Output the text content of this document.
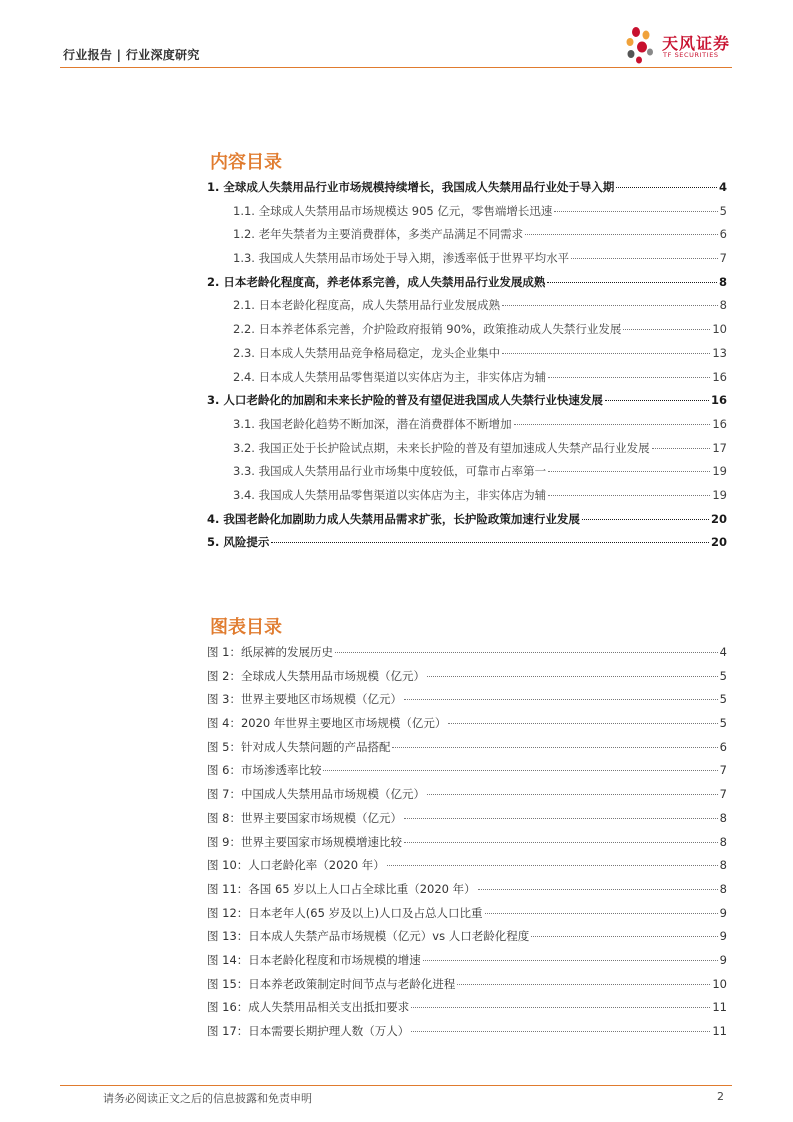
行业报告 | 行业深度研究
天风证券
TF SECURITIES
内容目录
1. 全球成人失禁用品行业市场规模持续增长，我国成人失禁用品行业处于导入期	4
1.1. 全球成人失禁用品市场规模达 905 亿元，零售端增长迅速	5
1.2. 老年失禁者为主要消费群体，多类产品满足不同需求	6
1.3. 我国成人失禁用品市场处于导入期，渗透率低于世界平均水平	7
2. 日本老龄化程度高，养老体系完善，成人失禁用品行业发展成熟	8
2.1. 日本老龄化程度高，成人失禁用品行业发展成熟	8
2.2. 日本养老体系完善，介护险政府报销 90%，政策推动成人失禁行业发展	10
2.3. 日本成人失禁用品竞争格局稳定，龙头企业集中	13
2.4. 日本成人失禁用品零售渠道以实体店为主，非实体店为辅	16
3. 人口老龄化的加剧和未来长护险的普及有望促进我国成人失禁行业快速发展	16
3.1. 我国老龄化趋势不断加深，潜在消费群体不断增加	16
3.2. 我国正处于长护险试点期，未来长护险的普及有望加速成人失禁产品行业发展	17
3.3. 我国成人失禁用品行业市场集中度较低，可靠市占率第一	19
3.4. 我国成人失禁用品零售渠道以实体店为主，非实体店为辅	19
4. 我国老龄化加剧助力成人失禁用品需求扩张，长护险政策加速行业发展	20
5. 风险提示	20
图表目录
图 1：纸尿裤的发展历史	4
图 2：全球成人失禁用品市场规模（亿元）	5
图 3：世界主要地区市场规模（亿元）	5
图 4：2020 年世界主要地区市场规模（亿元）	5
图 5：针对成人失禁问题的产品搭配	6
图 6：市场渗透率比较	7
图 7：中国成人失禁用品市场规模（亿元）	7
图 8：世界主要国家市场规模（亿元）	8
图 9：世界主要国家市场规模增速比较	8
图 10：人口老龄化率（2020 年）	8
图 11：各国 65 岁以上人口占全球比重（2020 年）	8
图 12：日本老年人(65 岁及以上)人口及占总人口比重	9
图 13：日本成人失禁产品市场规模（亿元）vs 人口老龄化程度	9
图 14：日本老龄化程度和市场规模的增速	9
图 15：日本养老政策制定时间节点与老龄化进程	10
图 16：成人失禁用品相关支出抵扣要求	11
图 17：日本需要长期护理人数（万人）	11
请务必阅读正文之后的信息披露和免责申明	2
